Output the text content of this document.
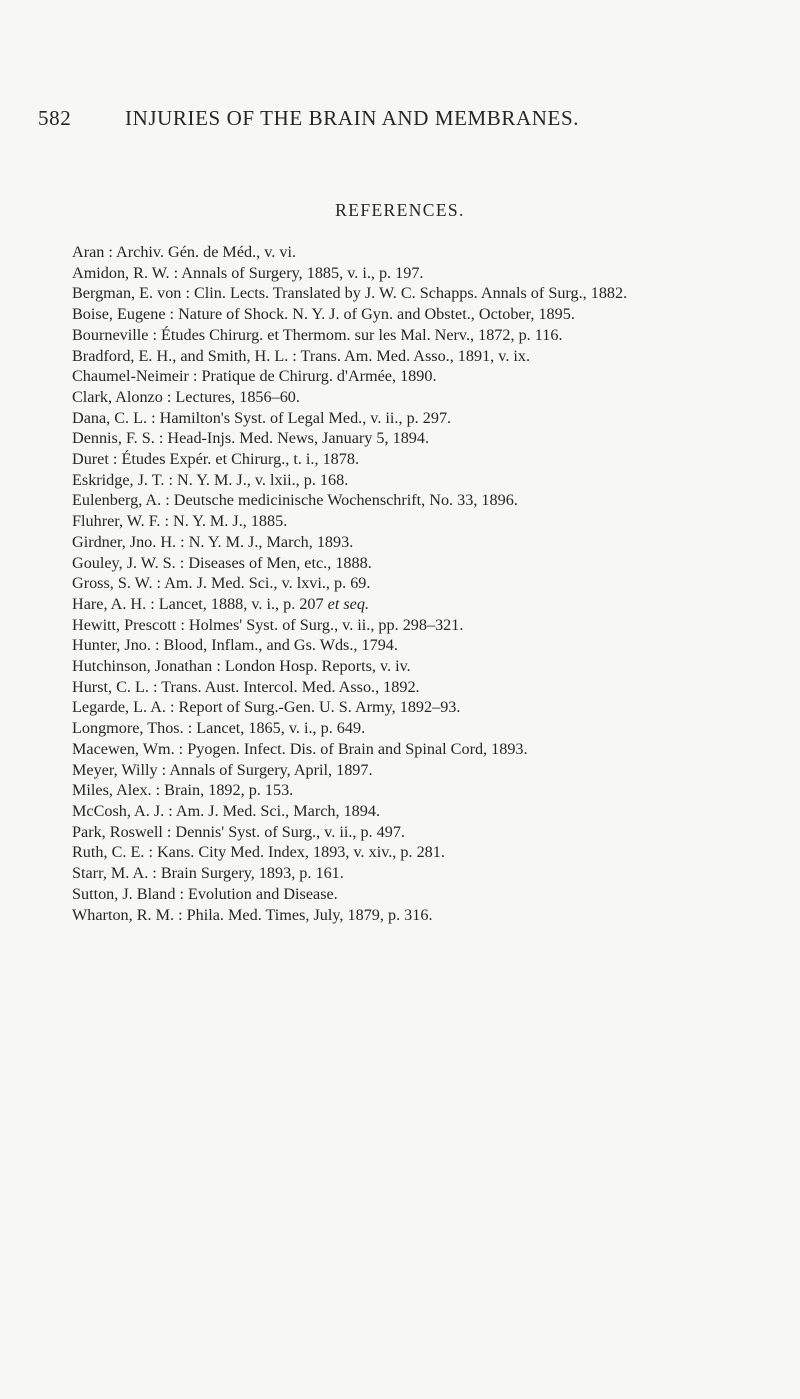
582	INJURIES OF THE BRAIN AND MEMBRANES.
REFERENCES.
Aran : Archiv. Gén. de Méd., v. vi.
Amidon, R. W. : Annals of Surgery, 1885, v. i., p. 197.
Bergman, E. von : Clin. Lects. Translated by J. W. C. Schapps. Annals of Surg., 1882.
Boise, Eugene : Nature of Shock. N. Y. J. of Gyn. and Obstet., October, 1895.
Bourneville : Études Chirurg. et Thermom. sur les Mal. Nerv., 1872, p. 116.
Bradford, E. H., and Smith, H. L. : Trans. Am. Med. Asso., 1891, v. ix.
Chaumel-Neimeir : Pratique de Chirurg. d'Armée, 1890.
Clark, Alonzo : Lectures, 1856–60.
Dana, C. L. : Hamilton's Syst. of Legal Med., v. ii., p. 297.
Dennis, F. S. : Head-Injs. Med. News, January 5, 1894.
Duret : Études Expér. et Chirurg., t. i., 1878.
Eskridge, J. T. : N. Y. M. J., v. lxii., p. 168.
Eulenberg, A. : Deutsche medicinische Wochenschrift, No. 33, 1896.
Fluhrer, W. F. : N. Y. M. J., 1885.
Girdner, Jno. H. : N. Y. M. J., March, 1893.
Gouley, J. W. S. : Diseases of Men, etc., 1888.
Gross, S. W. : Am. J. Med. Sci., v. lxvi., p. 69.
Hare, A. H. : Lancet, 1888, v. i., p. 207 et seq.
Hewitt, Prescott : Holmes' Syst. of Surg., v. ii., pp. 298–321.
Hunter, Jno. : Blood, Inflam., and Gs. Wds., 1794.
Hutchinson, Jonathan : London Hosp. Reports, v. iv.
Hurst, C. L. : Trans. Aust. Intercol. Med. Asso., 1892.
Legarde, L. A. : Report of Surg.-Gen. U. S. Army, 1892–93.
Longmore, Thos. : Lancet, 1865, v. i., p. 649.
Macewen, Wm. : Pyogen. Infect. Dis. of Brain and Spinal Cord, 1893.
Meyer, Willy : Annals of Surgery, April, 1897.
Miles, Alex. : Brain, 1892, p. 153.
McCosh, A. J. : Am. J. Med. Sci., March, 1894.
Park, Roswell : Dennis' Syst. of Surg., v. ii., p. 497.
Ruth, C. E. : Kans. City Med. Index, 1893, v. xiv., p. 281.
Starr, M. A. : Brain Surgery, 1893, p. 161.
Sutton, J. Bland : Evolution and Disease.
Wharton, R. M. : Phila. Med. Times, July, 1879, p. 316.
